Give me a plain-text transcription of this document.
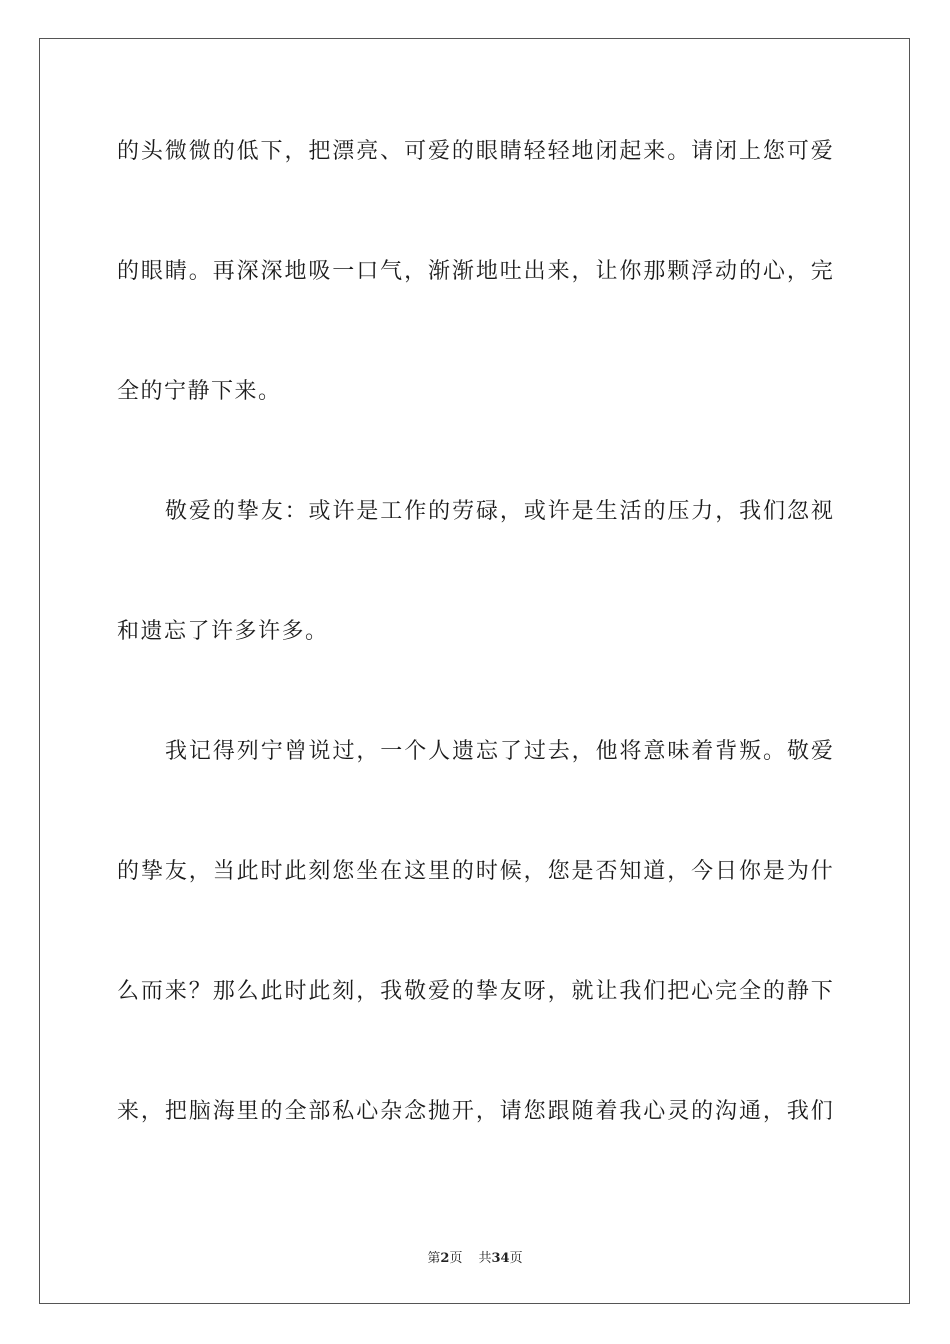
的 头 微 微 的 低 下 ， 把 漂 亮 、 可 爱 的 眼 睛 轻 轻 地 闭 起 来 。 请 闭 上 您 可 爱
的 眼 睛 。 再 深 深 地 吸 一 口 气 ， 渐 渐 地 吐 出 来 ， 让 你 那 颗 浮 动 的 心 ， 完
全的宁静下来。
敬 爱 的 挚 友 ： 或 许 是 工 作 的 劳 碌 ， 或 许 是 生 活 的 压 力 ， 我 们 忽 视
和遗忘了许多许多。
我 记 得 列 宁 曾 说 过 ， 一 个 人 遗 忘 了 过 去 ， 他 将 意 味 着 背 叛 。 敬 爱
的 挚 友 ， 当 此 时 此 刻 您 坐 在 这 里 的 时 候 ， 您 是 否 知 道 ， 今 日 你 是 为 什
么 而 来 ？ 那 么 此 时 此 刻 ， 我 敬 爱 的 挚 友 呀 ， 就 让 我 们 把 心 完 全 的 静 下
来 ， 把 脑 海 里 的 全 部 私 心 杂 念 抛 开 ， 请 您 跟 随 着 我 心 灵 的 沟 通 ， 我 们
第2页 共34页
